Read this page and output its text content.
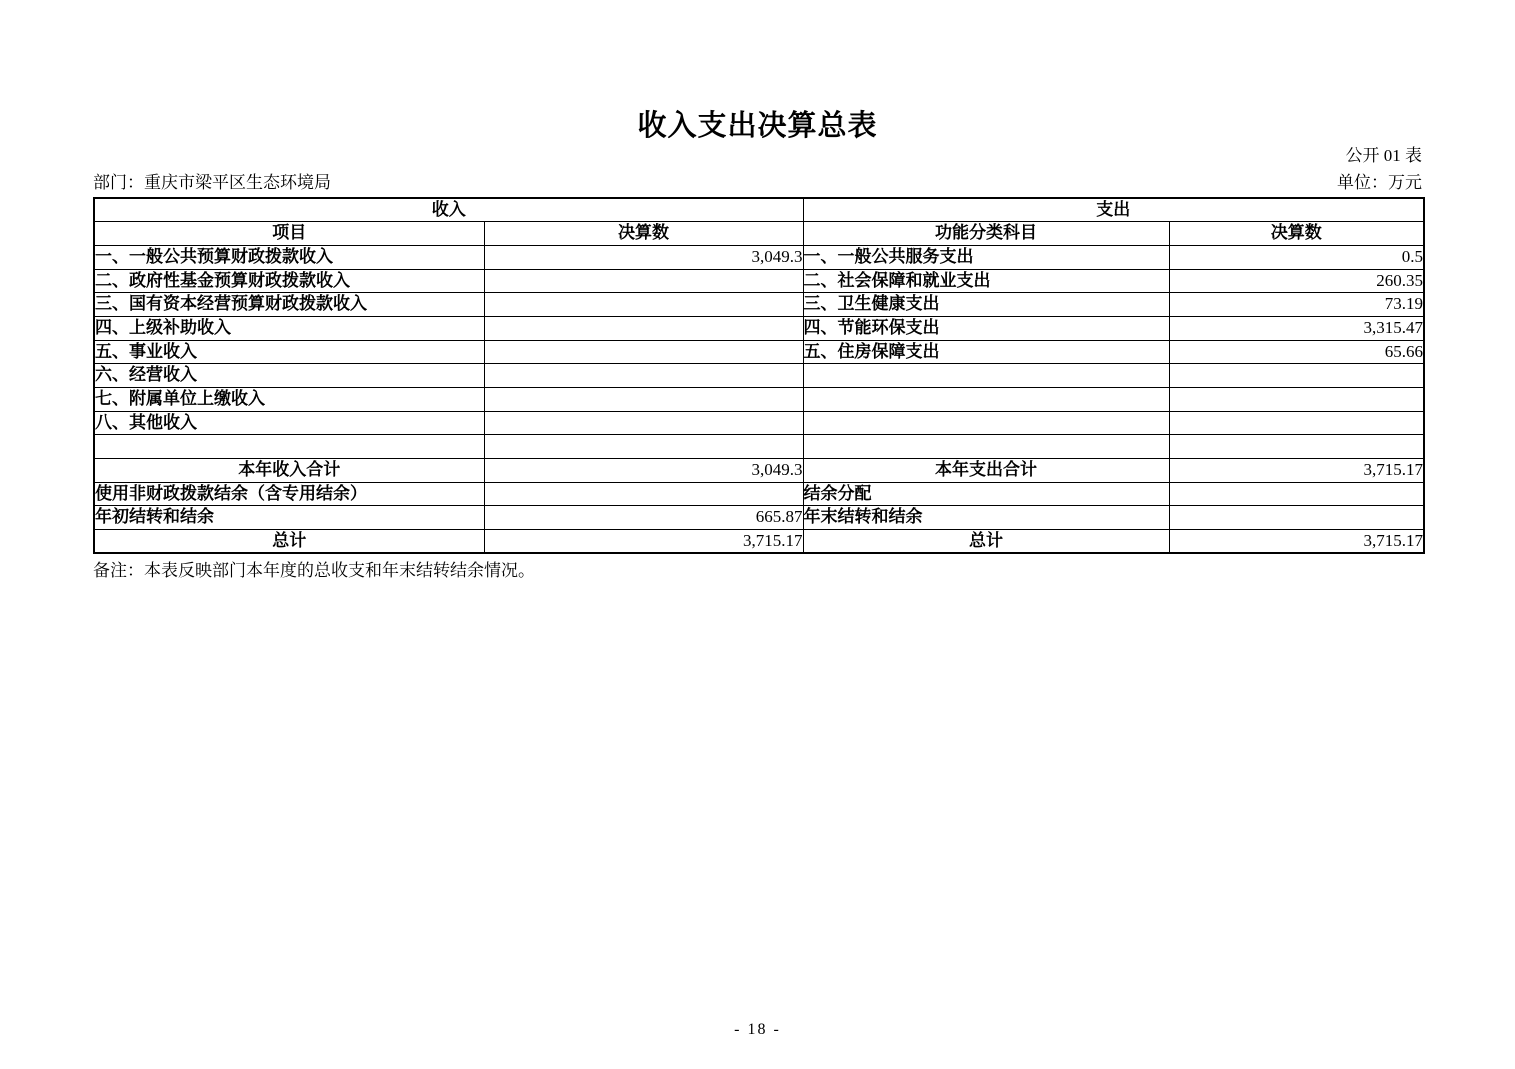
收入支出决算总表
公开 01 表
部门：重庆市梁平区生态环境局	单位：万元
收入		支出	
项目	决算数	功能分类科目	决算数
一、一般公共预算财政拨款收入	3,049.3	一、一般公共服务支出	0.5
二、政府性基金预算财政拨款收入		二、社会保障和就业支出	260.35
三、国有资本经营预算财政拨款收入		三、卫生健康支出	73.19
四、上级补助收入		四、节能环保支出	3,315.47
五、事业收入		五、住房保障支出	65.66
六、经营收入			
七、附属单位上缴收入			
八、其他收入			

本年收入合计	3,049.3	本年支出合计	3,715.17
使用非财政拨款结余（含专用结余）		结余分配	
年初结转和结余	665.87	年末结转和结余	
总计	3,715.17	总计	3,715.17
备注：本表反映部门本年度的总收支和年末结转结余情况。
- 18 -
